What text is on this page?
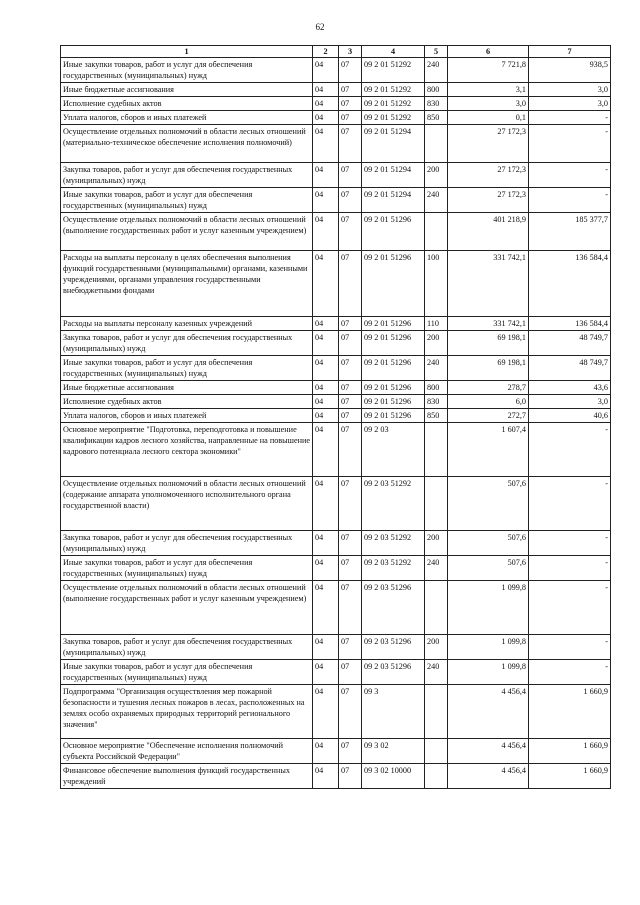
62
1	2	3	4	5	6	7
Иные закупки товаров, работ и услуг для обеспечения государственных (муниципальных) нужд	04	07	09 2 01 51292	240	7 721,8	938,5
Иные бюджетные ассигнования	04	07	09 2 01 51292	800	3,1	3,0
Исполнение судебных актов	04	07	09 2 01 51292	830	3,0	3,0
Уплата налогов, сборов и иных платежей	04	07	09 2 01 51292	850	0,1	-
Осуществление отдельных полномочий в области лесных отношений (материально-техническое обеспечение исполнения полномочий)	04	07	09 2 01 51294		27 172,3	-
Закупка товаров, работ и услуг для обеспечения государственных (муниципальных) нужд	04	07	09 2 01 51294	200	27 172,3	-
Иные закупки товаров, работ и услуг для обеспечения государственных (муниципальных) нужд	04	07	09 2 01 51294	240	27 172,3	-
Осуществление отдельных полномочий в области лесных отношений (выполнение государственных работ и услуг казенным учреждением)	04	07	09 2 01 51296		401 218,9	185 377,7
Расходы на выплаты персоналу в целях обеспечения выполнения функций государственными (муниципальными) органами, казенными учреждениями, органами управления государственными внебюджетными фондами	04	07	09 2 01 51296	100	331 742,1	136 584,4
Расходы на выплаты персоналу казенных учреждений	04	07	09 2 01 51296	110	331 742,1	136 584,4
Закупка товаров, работ и услуг для обеспечения государственных (муниципальных) нужд	04	07	09 2 01 51296	200	69 198,1	48 749,7
Иные закупки товаров, работ и услуг для обеспечения государственных (муниципальных) нужд	04	07	09 2 01 51296	240	69 198,1	48 749,7
Иные бюджетные ассигнования	04	07	09 2 01 51296	800	278,7	43,6
Исполнение судебных актов	04	07	09 2 01 51296	830	6,0	3,0
Уплата налогов, сборов и иных платежей	04	07	09 2 01 51296	850	272,7	40,6
Основное мероприятие "Подготовка, переподготовка и повышение квалификации кадров лесного хозяйства, направленные на повышение кадрового потенциала лесного сектора экономики"	04	07	09 2 03		1 607,4	-
Осуществление отдельных полномочий в области лесных отношений (содержание аппарата уполномоченного исполнительного органа государственной власти)	04	07	09 2 03 51292		507,6	-
Закупка товаров, работ и услуг для обеспечения государственных (муниципальных) нужд	04	07	09 2 03 51292	200	507,6	-
Иные закупки товаров, работ и услуг для обеспечения государственных (муниципальных) нужд	04	07	09 2 03 51292	240	507,6	-
Осуществление отдельных полномочий в области лесных отношений (выполнение государственных работ и услуг казенным учреждением)	04	07	09 2 03 51296		1 099,8	-
Закупка товаров, работ и услуг для обеспечения государственных (муниципальных) нужд	04	07	09 2 03 51296	200	1 099,8	-
Иные закупки товаров, работ и услуг для обеспечения государственных (муниципальных) нужд	04	07	09 2 03 51296	240	1 099,8	-
Подпрограмма "Организация осуществления мер пожарной безопасности и тушения лесных пожаров в лесах, расположенных на землях особо охраняемых природных территорий регионального значения"	04	07	09 3		4 456,4	1 660,9
Основное мероприятие "Обеспечение исполнения полномочий субъекта Российской Федерации"	04	07	09 3 02		4 456,4	1 660,9
Финансовое обеспечение выполнения функций государственных учреждений	04	07	09 3 02 10000		4 456,4	1 660,9
